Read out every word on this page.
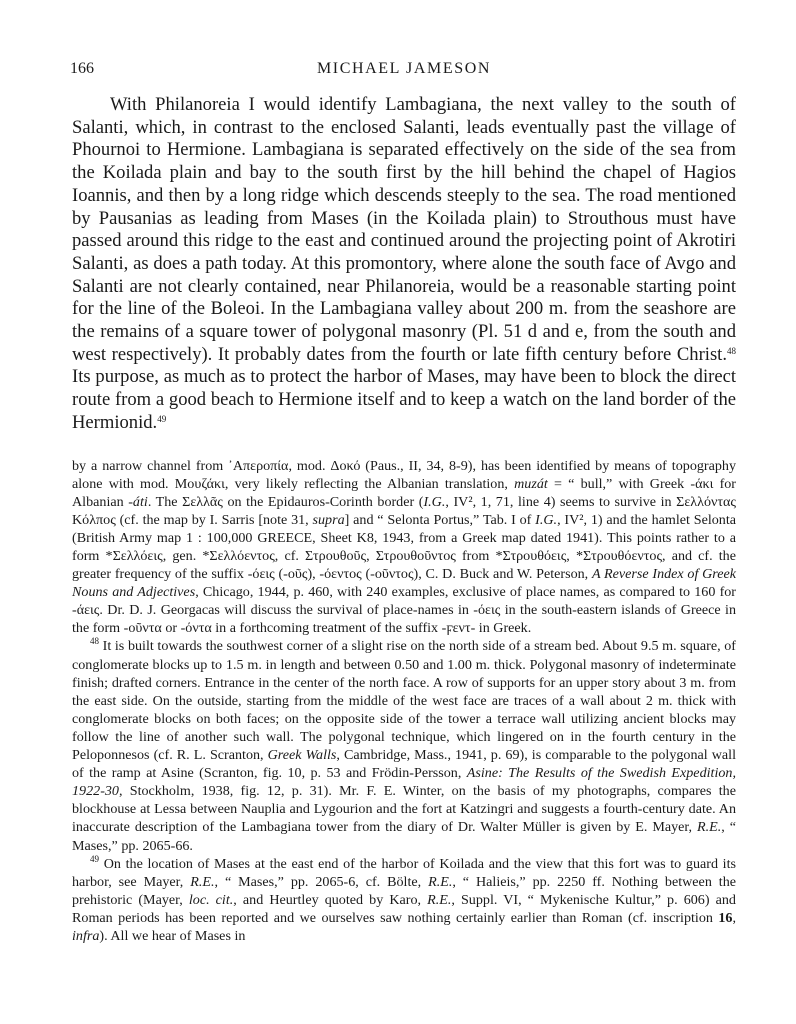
166	MICHAEL JAMESON

With Philanoreia I would identify Lambagiana, the next valley to the south of Salanti, which, in contrast to the enclosed Salanti, leads eventually past the village of Phournoi to Hermione. Lambagiana is separated effectively on the side of the sea from the Koilada plain and bay to the south first by the hill behind the chapel of Hagios Ioannis, and then by a long ridge which descends steeply to the sea. The road mentioned by Pausanias as leading from Mases (in the Koilada plain) to Strouthous must have passed around this ridge to the east and continued around the projecting point of Akrotiri Salanti, as does a path today. At this promontory, where alone the south face of Avgo and Salanti are not clearly contained, near Philanoreia, would be a reasonable starting point for the line of the Boleoi. In the Lambagiana valley about 200 m. from the seashore are the remains of a square tower of polygonal masonry (Pl. 51 d and e, from the south and west respectively). It probably dates from the fourth or late fifth century before Christ.$^{48}$ Its purpose, as much as to protect the harbor of Mases, may have been to block the direct route from a good beach to Hermione itself and to keep a watch on the land border of the Hermionid.$^{49}$

by a narrow channel from ᾿Απεροπία, mod. Δοκό (Paus., II, 34, 8-9), has been identified by means of topography alone with mod. Μουζάκι, very likely reflecting the Albanian translation, muzát = “ bull,” with Greek -άκι for Albanian -áti. The Σελλᾶς on the Epidauros-Corinth border (I.G., IV², 1, 71, line 4) seems to survive in Σελλόντας Κόλπος (cf. the map by I. Sarris [note 31, supra] and “ Selonta Portus,” Tab. I of I.G., IV², 1) and the hamlet Selonta (British Army map 1 : 100,000 GREECE, Sheet K8, 1943, from a Greek map dated 1941). This points rather to a form *Σελλόεις, gen. *Σελλόεντος, cf. Στρουθοῦς, Στρουθοῦντος from *Στρουθόεις, *Στρουθόεντος, and cf. the greater frequency of the suffix -όεις (-οῦς), -όεντος (-οῦντος), C. D. Buck and W. Peterson, A Reverse Index of Greek Nouns and Adjectives, Chicago, 1944, p. 460, with 240 examples, exclusive of place names, as compared to 160 for -άεις. Dr. D. J. Georgacas will discuss the survival of place-names in -όεις in the south-eastern islands of Greece in the form -οῦντα or -όντα in a forthcoming treatment of the suffix -ϝεντ- in Greek.

$^{48}$ It is built towards the southwest corner of a slight rise on the north side of a stream bed. About 9.5 m. square, of conglomerate blocks up to 1.5 m. in length and between 0.50 and 1.00 m. thick. Polygonal masonry of indeterminate finish; drafted corners. Entrance in the center of the north face. A row of supports for an upper story about 3 m. from the east side. On the outside, starting from the middle of the west face are traces of a wall about 2 m. thick with conglomerate blocks on both faces; on the opposite side of the tower a terrace wall utilizing ancient blocks may follow the line of another such wall. The polygonal technique, which lingered on in the fourth century in the Peloponnesos (cf. R. L. Scranton, Greek Walls, Cambridge, Mass., 1941, p. 69), is comparable to the polygonal wall of the ramp at Asine (Scranton, fig. 10, p. 53 and Frödin-Persson, Asine: The Results of the Swedish Expedition, 1922-30, Stockholm, 1938, fig. 12, p. 31). Mr. F. E. Winter, on the basis of my photographs, compares the blockhouse at Lessa between Nauplia and Lygourion and the fort at Katzingri and suggests a fourth-century date. An inaccurate description of the Lambagiana tower from the diary of Dr. Walter Müller is given by E. Mayer, R.E., “ Mases,” pp. 2065-66.

$^{49}$ On the location of Mases at the east end of the harbor of Koilada and the view that this fort was to guard its harbor, see Mayer, R.E., “ Mases,” pp. 2065-6, cf. Bölte, R.E., “ Halieis,” pp. 2250 ff. Nothing between the prehistoric (Mayer, loc. cit., and Heurtley quoted by Karo, R.E., Suppl. VI, “ Mykenische Kultur,” p. 606) and Roman periods has been reported and we ourselves saw nothing certainly earlier than Roman (cf. inscription 16, infra). All we hear of Mases in
